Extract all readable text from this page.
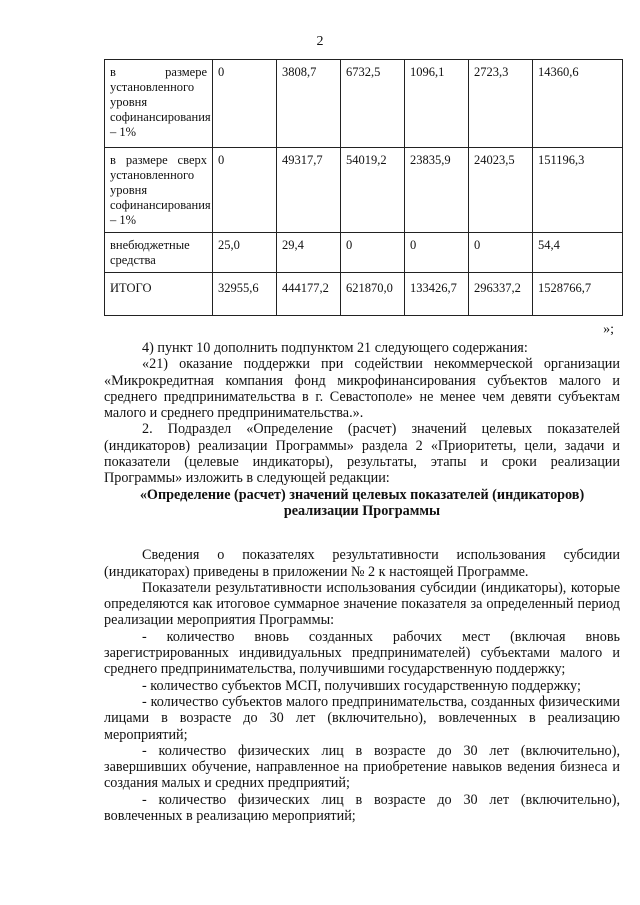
2
в размере установленного уровня софинансирования – 1%	0	3808,7	6732,5	1096,1	2723,3	14360,6
в размере сверх установленного уровня софинансирования – 1%	0	49317,7	54019,2	23835,9	24023,5	151196,3
внебюджетные средства	25,0	29,4	0	0	0	54,4
ИТОГО	32955,6	444177,2	621870,0	133426,7	296337,2	1528766,7
»;

4) пункт 10 дополнить подпунктом 21 следующего содержания:

«21) оказание поддержки при содействии некоммерческой организации «Микрокредитная компания фонд микрофинансирования субъектов малого и среднего предпринимательства в г. Севастополе» не менее чем девяти субъектам малого и среднего предпринимательства.».

2. Подраздел «Определение (расчет) значений целевых показателей (индикаторов) реализации Программы» раздела 2 «Приоритеты, цели, задачи и показатели (целевые индикаторы), результаты, этапы и сроки реализации Программы» изложить в следующей редакции:

«Определение (расчет) значений целевых показателей (индикаторов) реализации Программы

Сведения о показателях результативности использования субсидии (индикаторах) приведены в приложении № 2 к настоящей Программе.

Показатели результативности использования субсидии (индикаторы), которые определяются как итоговое суммарное значение показателя за определенный период реализации мероприятия Программы:

- количество вновь созданных рабочих мест (включая вновь зарегистрированных индивидуальных предпринимателей) субъектами малого и среднего предпринимательства, получившими государственную поддержку;

- количество субъектов МСП, получивших государственную поддержку;

- количество субъектов малого предпринимательства, созданных физическими лицами в возрасте до 30 лет (включительно), вовлеченных в реализацию мероприятий;

- количество физических лиц в возрасте до 30 лет (включительно), завершивших обучение, направленное на приобретение навыков ведения бизнеса и создания малых и средних предприятий;

- количество физических лиц в возрасте до 30 лет (включительно), вовлеченных в реализацию мероприятий;
